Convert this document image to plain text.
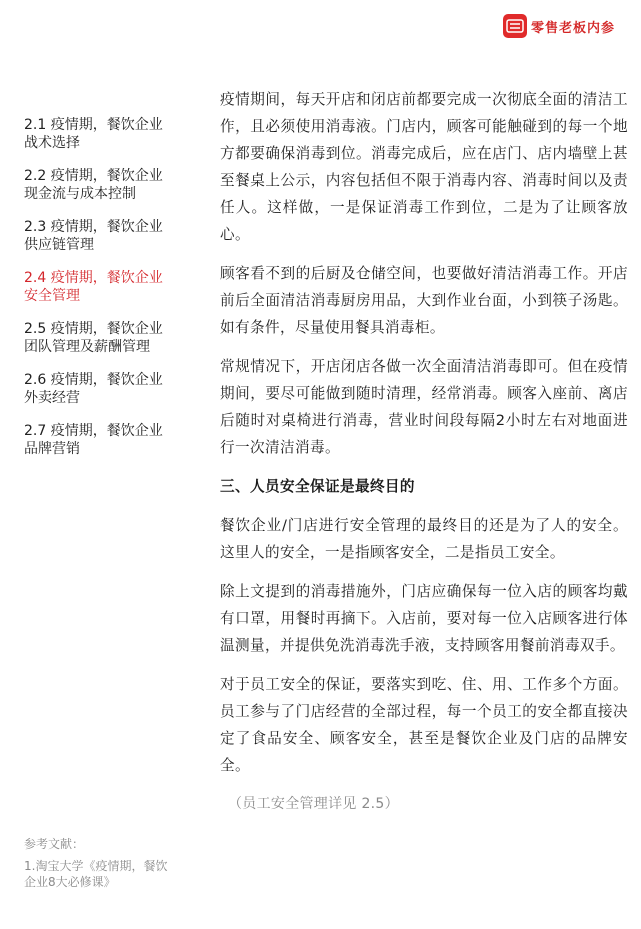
零售老板内参
2.1 疫情期，餐饮企业
战术选择
2.2 疫情期，餐饮企业
现金流与成本控制
2.3 疫情期，餐饮企业
供应链管理
2.4 疫情期，餐饮企业
安全管理
2.5 疫情期，餐饮企业
团队管理及薪酬管理
2.6 疫情期，餐饮企业
外卖经营
2.7 疫情期，餐饮企业
品牌营销
参考文献：
1.淘宝大学《疫情期，餐饮
企业8大必修课》

疫情期间，每天开店和闭店前都要完成一次彻底全面的清洁工作，且必须使用消毒液。门店内，顾客可能触碰到的每一个地方都要确保消毒到位。消毒完成后，应在店门、店内墙壁上甚至餐桌上公示，内容包括但不限于消毒内容、消毒时间以及责任人。这样做，一是保证消毒工作到位，二是为了让顾客放心。

顾客看不到的后厨及仓储空间，也要做好清洁消毒工作。开店前后全面清洁消毒厨房用品，大到作业台面，小到筷子汤匙。如有条件，尽量使用餐具消毒柜。

常规情况下，开店闭店各做一次全面清洁消毒即可。但在疫情期间，要尽可能做到随时清理，经常消毒。顾客入座前、离店后随时对桌椅进行消毒，营业时间段每隔2小时左右对地面进行一次清洁消毒。

三、人员安全保证是最终目的

餐饮企业/门店进行安全管理的最终目的还是为了人的安全。这里人的安全，一是指顾客安全，二是指员工安全。

除上文提到的消毒措施外，门店应确保每一位入店的顾客均戴有口罩，用餐时再摘下。入店前，要对每一位入店顾客进行体温测量，并提供免洗消毒洗手液，支持顾客用餐前消毒双手。

对于员工安全的保证，要落实到吃、住、用、工作多个方面。员工参与了门店经营的全部过程，每一个员工的安全都直接决定了食品安全、顾客安全，甚至是餐饮企业及门店的品牌安全。

（员工安全管理详见 2.5）
